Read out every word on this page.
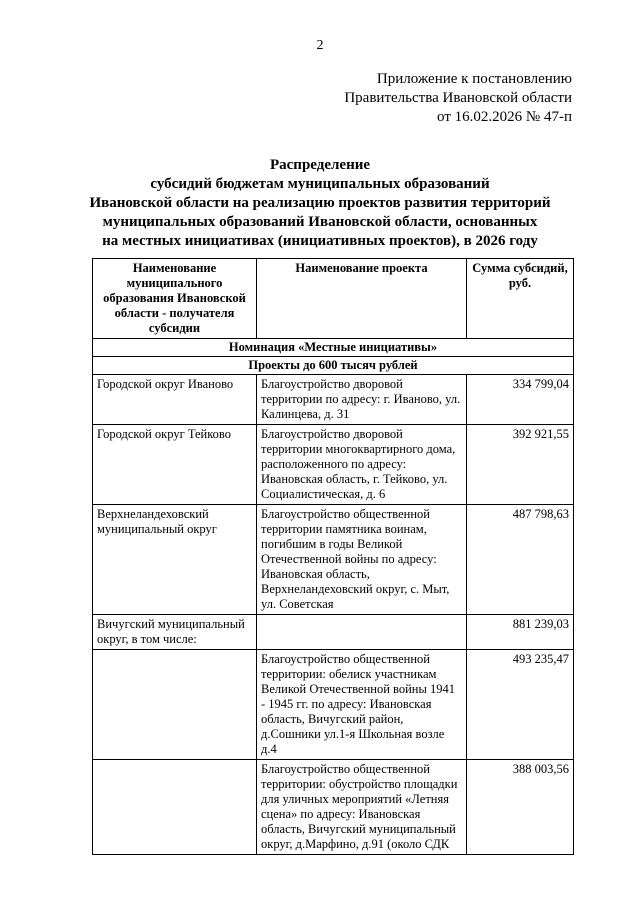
2
Приложение к постановлению
Правительства Ивановской области
от 16.02.2026 № 47-п
Распределение
субсидий бюджетам муниципальных образований
Ивановской области на реализацию проектов развития территорий
муниципальных образований Ивановской области, основанных
на местных инициативах (инициативных проектов), в 2026 году
Наименование муниципального образования Ивановской области - получателя субсидии	Наименование проекта	Сумма субсидий, руб.
Номинация «Местные инициативы»		
Проекты до 600 тысяч рублей		
Городской округ Иваново	Благоустройство дворовой территории по адресу: г. Иваново, ул. Калинцева, д. 31	334 799,04
Городской округ Тейково	Благоустройство дворовой территории многоквартирного дома, расположенного по адресу: Ивановская область, г. Тейково, ул. Социалистическая, д. 6	392 921,55
Верхнеландеховский муниципальный округ	Благоустройство общественной территории памятника воинам, погибшим в годы Великой Отечественной войны по адресу: Ивановская область, Верхнеландеховский округ, с. Мыт, ул. Советская	487 798,63
Вичугский муниципальный округ, в том числе:		881 239,03
	Благоустройство общественной территории: обелиск участникам Великой Отечественной войны 1941 - 1945 гг. по адресу: Ивановская область, Вичугский район, д.Сошники ул.1-я Школьная возле д.4	493 235,47
	Благоустройство общественной территории: обустройство площадки для уличных мероприятий «Летняя сцена» по адресу: Ивановская область, Вичугский муниципальный округ, д.Марфино, д.91 (около СДК	388 003,56
